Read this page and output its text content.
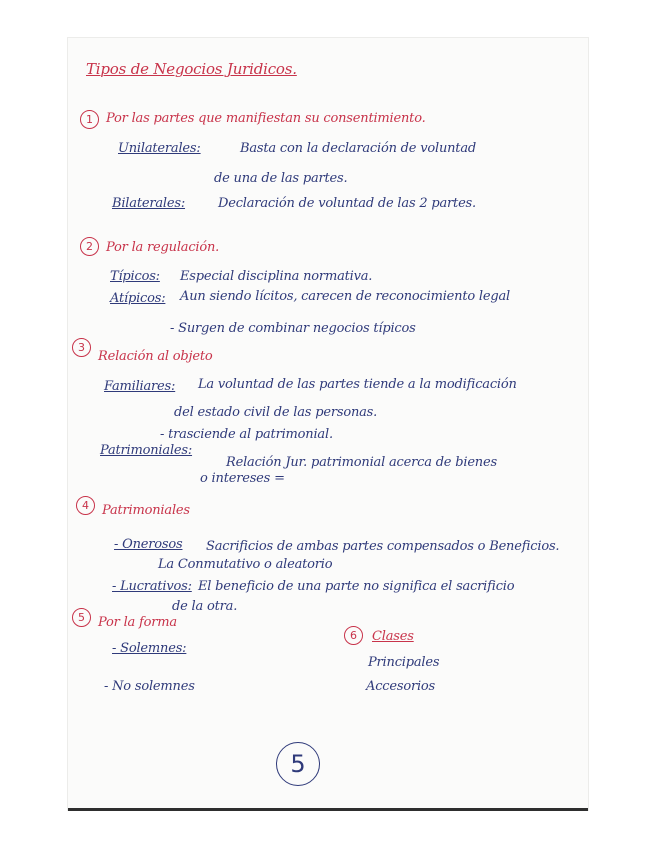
Tipos de Negocios Juridicos.
1	Por las partes que manifiestan su consentimiento.
Unilaterales:	Basta con la declaración de voluntad
de una de las partes.
Bilaterales:	Declaración de voluntad de las 2 partes.
2	Por la regulación.
Típicos: Especial disciplina normativa.
Atípicos: Aun siendo lícitos, carecen de reconocimiento legal
- Surgen de combinar negocios típicos
3
Relación al objeto
Familiares: La voluntad de las partes tiende a la modificación
del estado civil de las personas.
- trasciende al patrimonial.
Patrimoniales:
Relación Jur. patrimonial acerca de bienes
o intereses =
4	Patrimoniales
- Onerosos Sacrificios de ambas partes compensados o Beneficios.
La Conmutativo o aleatorio
- Lucrativos: El beneficio de una parte no significa el sacrificio
de la otra.
5	Por la forma
- Solemnes:
- No solemnes
6	Clases
Principales
Accesorios
5
